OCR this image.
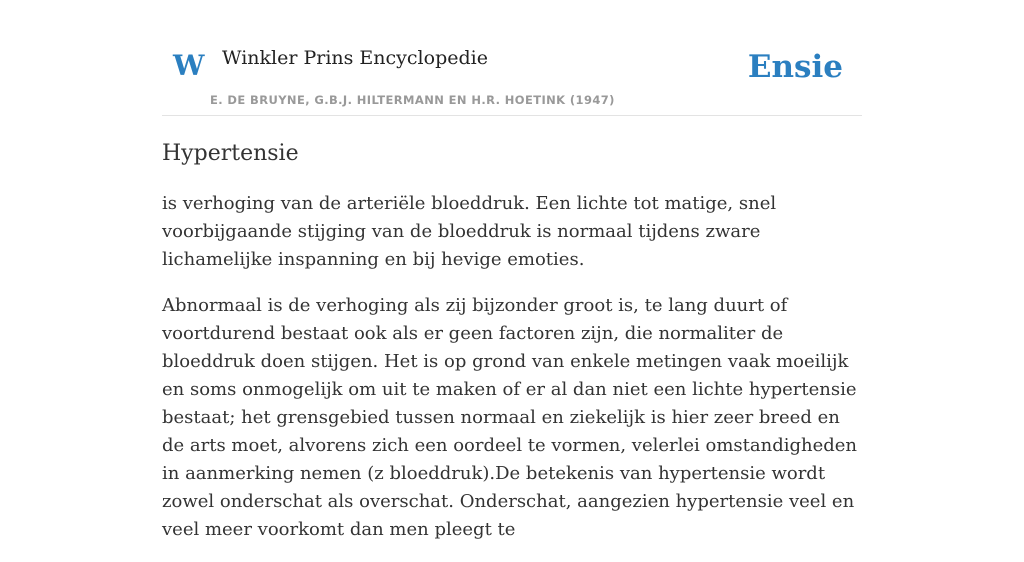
W Winkler Prins Encyclopedie
E. DE BRUYNE, G.B.J. HILTERMANN EN H.R. HOETINK (1947)
Ensie
Hypertensie

is verhoging van de arteriële bloeddruk. Een lichte tot matige, snel voorbijgaande stijging van de bloeddruk is normaal tijdens zware lichamelijke inspanning en bij hevige emoties.

Abnormaal is de verhoging als zij bijzonder groot is, te lang duurt of voortdurend bestaat ook als er geen factoren zijn, die normaliter de bloeddruk doen stijgen. Het is op grond van enkele metingen vaak moeilijk en soms onmogelijk om uit te maken of er al dan niet een lichte hypertensie bestaat; het grensgebied tussen normaal en ziekelijk is hier zeer breed en de arts moet, alvorens zich een oordeel te vormen, velerlei omstandigheden in aanmerking nemen (z bloeddruk).De betekenis van hypertensie wordt zowel onderschat als overschat. Onderschat, aangezien hypertensie veel en veel meer voorkomt dan men pleegt te
